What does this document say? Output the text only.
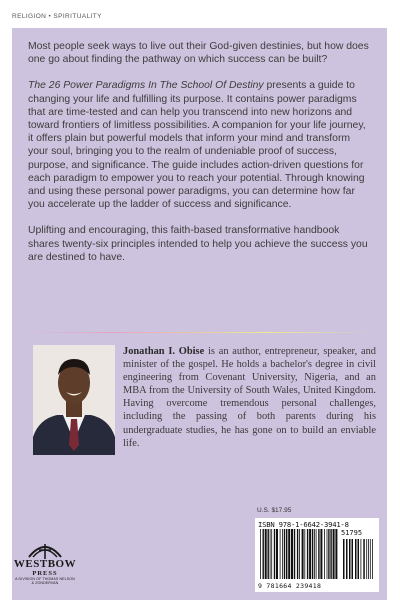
RELIGION • SPIRITUALITY

Most people seek ways to live out their God-given destinies, but how does one go about finding the pathway on which success can be built?

The 26 Power Paradigms In The School Of Destiny presents a guide to changing your life and fulfilling its purpose. It contains power paradigms that are time-tested and can help you transcend into new horizons and toward frontiers of limitless possibilities. A companion for your life journey, it offers plain but powerful models that inform your mind and transform your soul, bringing you to the realm of undeniable proof of success, purpose, and significance. The guide includes action-driven questions for each paradigm to empower you to reach your potential. Through knowing and using these personal power paradigms, you can determine how far you accelerate up the ladder of success and significance.

Uplifting and encouraging, this faith-based transformative handbook shares twenty-six principles intended to help you achieve the success you are destined to have.

Jonathan I. Obise is an author, entrepreneur, speaker, and minister of the gospel. He holds a bachelor's degree in civil engineering from Covenant University, Nigeria, and an MBA from the University of South Wales, United Kingdom. Having overcome tremendous personal challenges, including the passing of both parents during his undergraduate studies, he has gone on to build an enviable life.
U.S. $17.95
ISBN 978-1-6642-3941-8
51795
9 781664 239418
WESTBOW
PRESS
A DIVISION OF THOMAS NELSON
& ZONDERVAN
